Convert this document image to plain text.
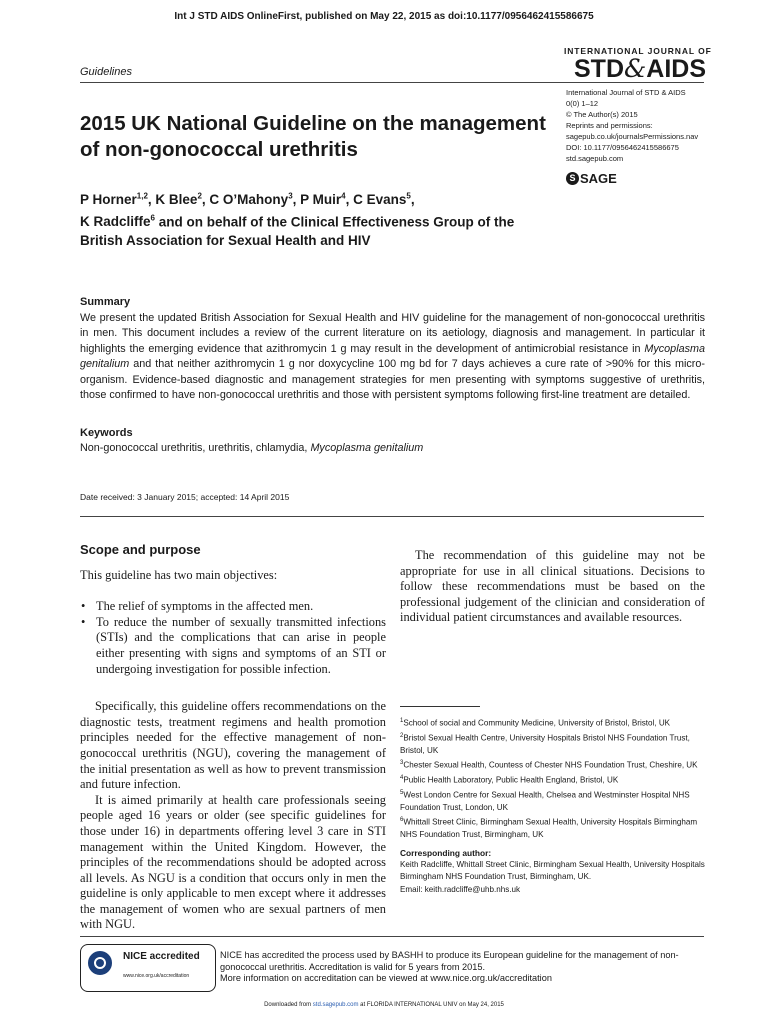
Int J STD AIDS OnlineFirst, published on May 22, 2015 as doi:10.1177/0956462415586675
Guidelines
INTERNATIONAL JOURNAL OF
STD&AIDS
International Journal of STD & AIDS
0(0) 1–12
© The Author(s) 2015
Reprints and permissions:
sagepub.co.uk/journalsPermissions.nav
DOI: 10.1177/0956462415586675
std.sagepub.com
S SAGE
2015 UK National Guideline on the management of non-gonococcal urethritis
P Horner$^{1,2}$, K Blee$^2$, C O’Mahony$^3$, P Muir$^4$, C Evans$^5$,
K Radcliffe$^6$ and on behalf of the Clinical Effectiveness Group of the British Association for Sexual Health and HIV
Summary
We present the updated British Association for Sexual Health and HIV guideline for the management of non-gonococcal urethritis in men. This document includes a review of the current literature on its aetiology, diagnosis and management. In particular it highlights the emerging evidence that azithromycin 1 g may result in the development of antimicrobial resistance in Mycoplasma genitalium and that neither azithromycin 1 g nor doxycycline 100 mg bd for 7 days achieves a cure rate of >90% for this micro-organism. Evidence-based diagnostic and management strategies for men presenting with symptoms suggestive of urethritis, those confirmed to have non-gonococcal urethritis and those with persistent symptoms following first-line treatment are detailed.
Keywords
Non-gonococcal urethritis, urethritis, chlamydia, Mycoplasma genitalium
Date received: 3 January 2015; accepted: 14 April 2015
Scope and purpose
This guideline has two main objectives:
• The relief of symptoms in the affected men.
• To reduce the number of sexually transmitted infections (STIs) and the complications that can arise in people either presenting with signs and symptoms of an STI or undergoing investigation for possible infection.

Specifically, this guideline offers recommendations on the diagnostic tests, treatment regimens and health promotion principles needed for the effective management of non-gonococcal urethritis (NGU), covering the management of the initial presentation as well as how to prevent transmission and future infection.

It is aimed primarily at health care professionals seeing people aged 16 years or older (see specific guidelines for those under 16) in departments offering level 3 care in STI management within the United Kingdom. However, the principles of the recommendations should be adopted across all levels. As NGU is a condition that occurs only in men the guideline is only applicable to men except where it addresses the management of women who are sexual partners of men with NGU.

The recommendation of this guideline may not be appropriate for use in all clinical situations. Decisions to follow these recommendations must be based on the professional judgement of the clinician and consideration of individual patient circumstances and available resources.

$^1$School of social and Community Medicine, University of Bristol, Bristol, UK
$^2$Bristol Sexual Health Centre, University Hospitals Bristol NHS Foundation Trust, Bristol, UK
$^3$Chester Sexual Health, Countess of Chester NHS Foundation Trust, Cheshire, UK
$^4$Public Health Laboratory, Public Health England, Bristol, UK
$^5$West London Centre for Sexual Health, Chelsea and Westminster Hospital NHS Foundation Trust, London, UK
$^6$Whittall Street Clinic, Birmingham Sexual Health, University Hospitals Birmingham NHS Foundation Trust, Birmingham, UK
Corresponding author:
Keith Radcliffe, Whittall Street Clinic, Birmingham Sexual Health, University Hospitals Birmingham NHS Foundation Trust, Birmingham, UK.
Email: keith.radcliffe@uhb.nhs.uk
NICE accredited
www.nice.org.uk/accreditation
NICE has accredited the process used by BASHH to produce its European guideline for the management of non-gonococcal urethritis. Accreditation is valid for 5 years from 2015.
More information on accreditation can be viewed at www.nice.org.uk/accreditation
Downloaded from std.sagepub.com at FLORIDA INTERNATIONAL UNIV on May 24, 2015
